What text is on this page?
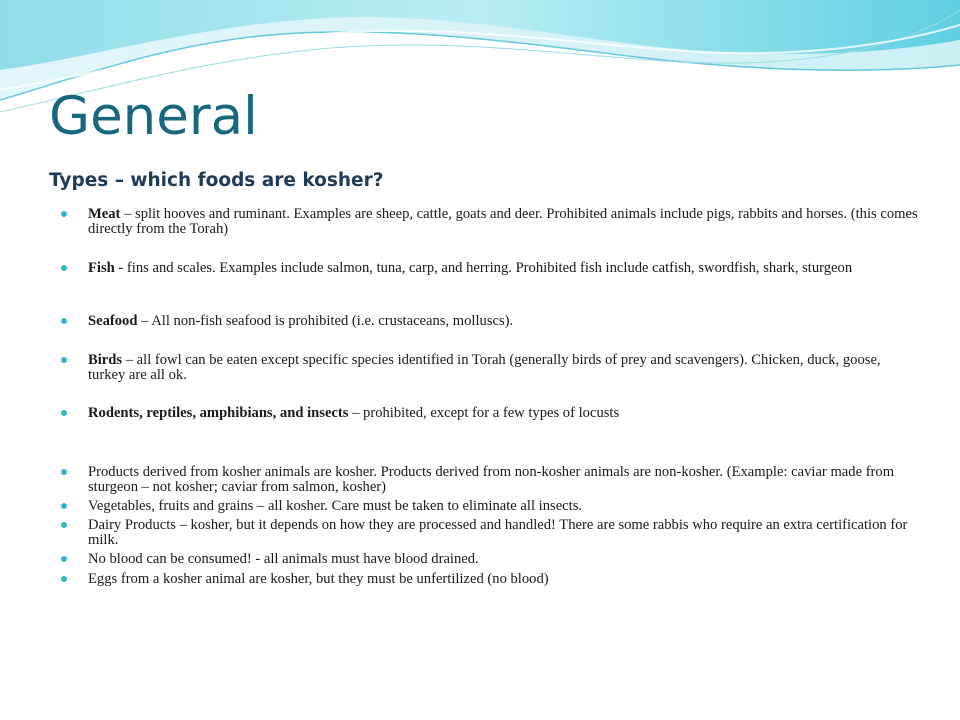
General
Types – which foods are kosher?
Meat – split hooves and ruminant. Examples are sheep, cattle, goats and deer. Prohibited animals include pigs, rabbits and horses. (this comes directly from the Torah)
Fish - fins and scales. Examples include salmon, tuna, carp, and herring. Prohibited fish include catfish, swordfish, shark, sturgeon
Seafood – All non-fish seafood is prohibited (i.e. crustaceans, molluscs).
Birds – all fowl can be eaten except specific species identified in Torah (generally birds of prey and scavengers). Chicken, duck, goose, turkey are all ok.
Rodents, reptiles, amphibians, and insects – prohibited, except for a few types of locusts
Products derived from kosher animals are kosher. Products derived from non-kosher animals are non-kosher. (Example: caviar made from sturgeon – not kosher; caviar from salmon, kosher)
Vegetables, fruits and grains – all kosher. Care must be taken to eliminate all insects.
Dairy Products – kosher, but it depends on how they are processed and handled! There are some rabbis who require an extra certification for milk.
No blood can be consumed! - all animals must have blood drained.
Eggs from a kosher animal are kosher, but they must be unfertilized (no blood)
